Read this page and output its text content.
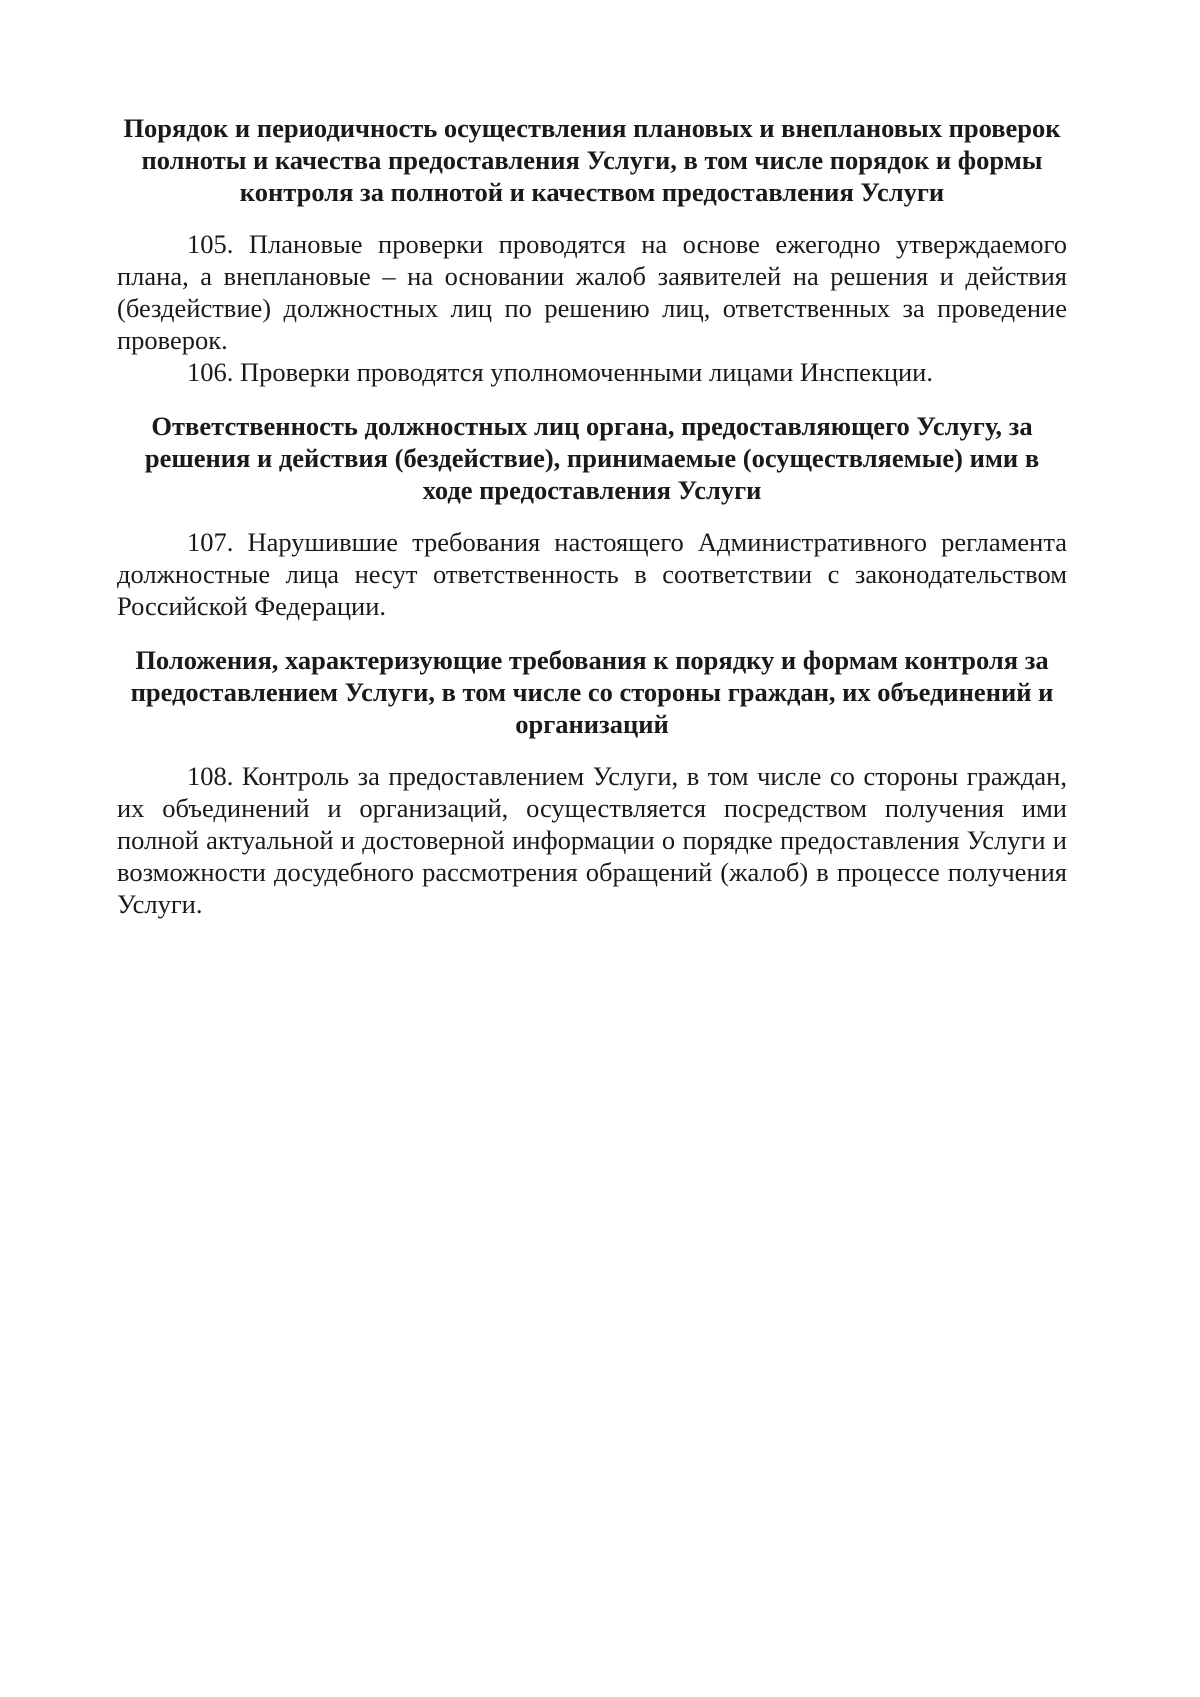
Порядок и периодичность осуществления плановых и внеплановых проверок полноты и качества предоставления Услуги, в том числе порядок и формы контроля за полнотой и качеством предоставления Услуги

105. Плановые проверки проводятся на основе ежегодно утверждаемого плана, а внеплановые – на основании жалоб заявителей на решения и действия (бездействие) должностных лиц по решению лиц, ответственных за проведение проверок.

106. Проверки проводятся уполномоченными лицами Инспекции.

Ответственность должностных лиц органа, предоставляющего Услугу, за решения и действия (бездействие), принимаемые (осуществляемые) ими в ходе предоставления Услуги

107. Нарушившие требования настоящего Административного регламента должностные лица несут ответственность в соответствии с законодательством Российской Федерации.

Положения, характеризующие требования к порядку и формам контроля за предоставлением Услуги, в том числе со стороны граждан, их объединений и организаций

108. Контроль за предоставлением Услуги, в том числе со стороны граждан, их объединений и организаций, осуществляется посредством получения ими полной актуальной и достоверной информации о порядке предоставления Услуги и возможности досудебного рассмотрения обращений (жалоб) в процессе получения Услуги.
